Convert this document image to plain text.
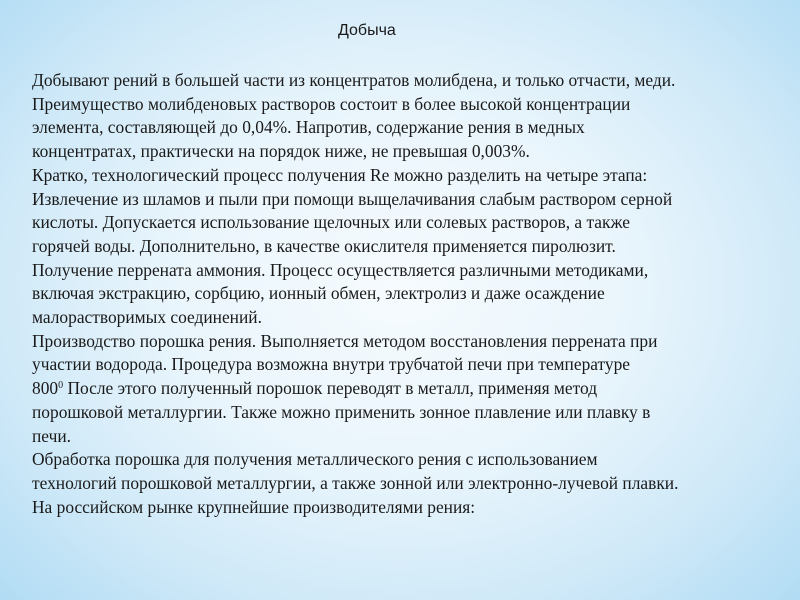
Добыча
Добывают рений в большей части из концентратов молибдена, и только отчасти, меди.
Преимущество молибденовых растворов состоит в более высокой концентрации
элемента, составляющей до 0,04%. Напротив, содержание рения в медных
концентратах, практически на порядок ниже, не превышая 0,003%.
Кратко, технологический процесс получения Re можно разделить на четыре этапа:
Извлечение из шламов и пыли при помощи выщелачивания слабым раствором серной
кислоты. Допускается использование щелочных или солевых растворов, а также
горячей воды. Дополнительно, в качестве окислителя применяется пиролюзит.
Получение перрената аммония. Процесс осуществляется различными методиками,
включая экстракцию, сорбцию, ионный обмен, электролиз и даже осаждение
малорастворимых соединений.
Производство порошка рения. Выполняется методом восстановления перрената при
участии водорода. Процедура возможна внутри трубчатой печи при температуре
$800^0$ После этого полученный порошок переводят в металл, применяя метод
порошковой металлургии. Также можно применить зонное плавление или плавку в
печи.
Обработка порошка для получения металлического рения с использованием
технологий порошковой металлургии, а также зонной или электронно-лучевой плавки.
На российском рынке крупнейшие производителями рения:
